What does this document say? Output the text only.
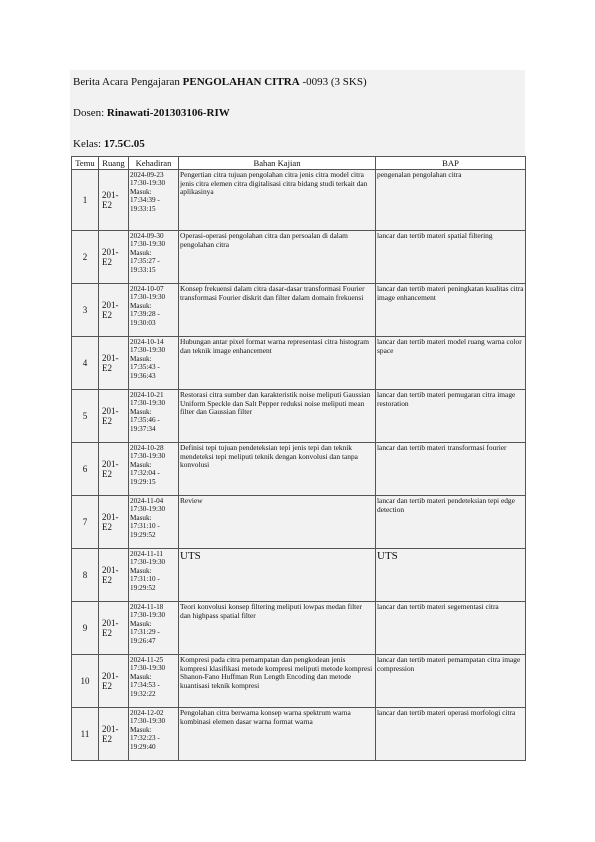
Berita Acara Pengajaran PENGOLAHAN CITRA -0093 (3 SKS)
Dosen: Rinawati-201303106-RIW
Kelas: 17.5C.05
Temu	Ruang	Kehadiran	Bahan Kajian	BAP
1	201-E2	2024-09-23 17:30-19:30 Masuk: 17:34:39 - 19:33:15	Pengertian citra tujuan pengolahan citra jenis citra model citra jenis citra elemen citra digitalisasi citra bidang studi terkait dan aplikasinya	pengenalan pengolahan citra
2	201-E2	2024-09-30 17:30-19:30 Masuk: 17:35:27 - 19:33:15	Operasi-operasi pengolahan citra dan persoalan di dalam pengolahan citra	lancar dan tertib materi spatial filtering
3	201-E2	2024-10-07 17:30-19:30 Masuk: 17:39:28 - 19:30:03	Konsep frekuensi dalam citra dasar-dasar transformasi Fourier transformasi Fourier diskrit dan filter dalam domain frekuensi	lancar dan tertib materi peningkatan kualitas citra image enhancement
4	201-E2	2024-10-14 17:30-19:30 Masuk: 17:35:43 - 19:36:43	Hubungan antar pixel format warna representasi citra histogram dan teknik image enhancement	lancar dan tertib materi model ruang warna color space
5	201-E2	2024-10-21 17:30-19:30 Masuk: 17:35:46 - 19:37:34	Restorasi citra sumber dan karakteristik noise meliputi Gaussian Uniform Speckle dan Salt Pepper reduksi noise meliputi mean filter dan Gaussian filter	lancar dan tertib materi pemugaran citra image restoration
6	201-E2	2024-10-28 17:30-19:30 Masuk: 17:32:04 - 19:29:15	Definisi tepi tujuan pendeteksian tepi jenis tepi dan teknik mendeteksi tepi meliputi teknik dengan konvolusi dan tanpa konvolusi	lancar dan tertib materi transformasi fourier
7	201-E2	2024-11-04 17:30-19:30 Masuk: 17:31:10 - 19:29:52	Review	lancar dan tertib materi pendeteksian tepi edge detection
8	201-E2	2024-11-11 17:30-19:30 Masuk: 17:31:10 - 19:29:52	UTS	UTS
9	201-E2	2024-11-18 17:30-19:30 Masuk: 17:31:29 - 19:26:47	Teori konvolusi konsep filtering meliputi lowpas medan filter dan highpass spatial filter	lancar dan tertib materi segementasi citra
10	201-E2	2024-11-25 17:30-19:30 Masuk: 17:34:53 - 19:32:22	Kompresi pada citra pemampatan dan pengkodean jenis kompresi klasifikasi metode kompresi meliputi metode kompresi Shanon-Fano Huffman Run Length Encoding dan metode kuantisasi teknik kompresi	lancar dan tertib materi pemampatan citra image compression
11	201-E2	2024-12-02 17:30-19:30 Masuk: 17:32:23 - 19:29:40	Pengolahan citra berwarna konsep warna spektrum warna kombinasi elemen dasar warna format warna	lancar dan tertib materi operasi morfologi citra
